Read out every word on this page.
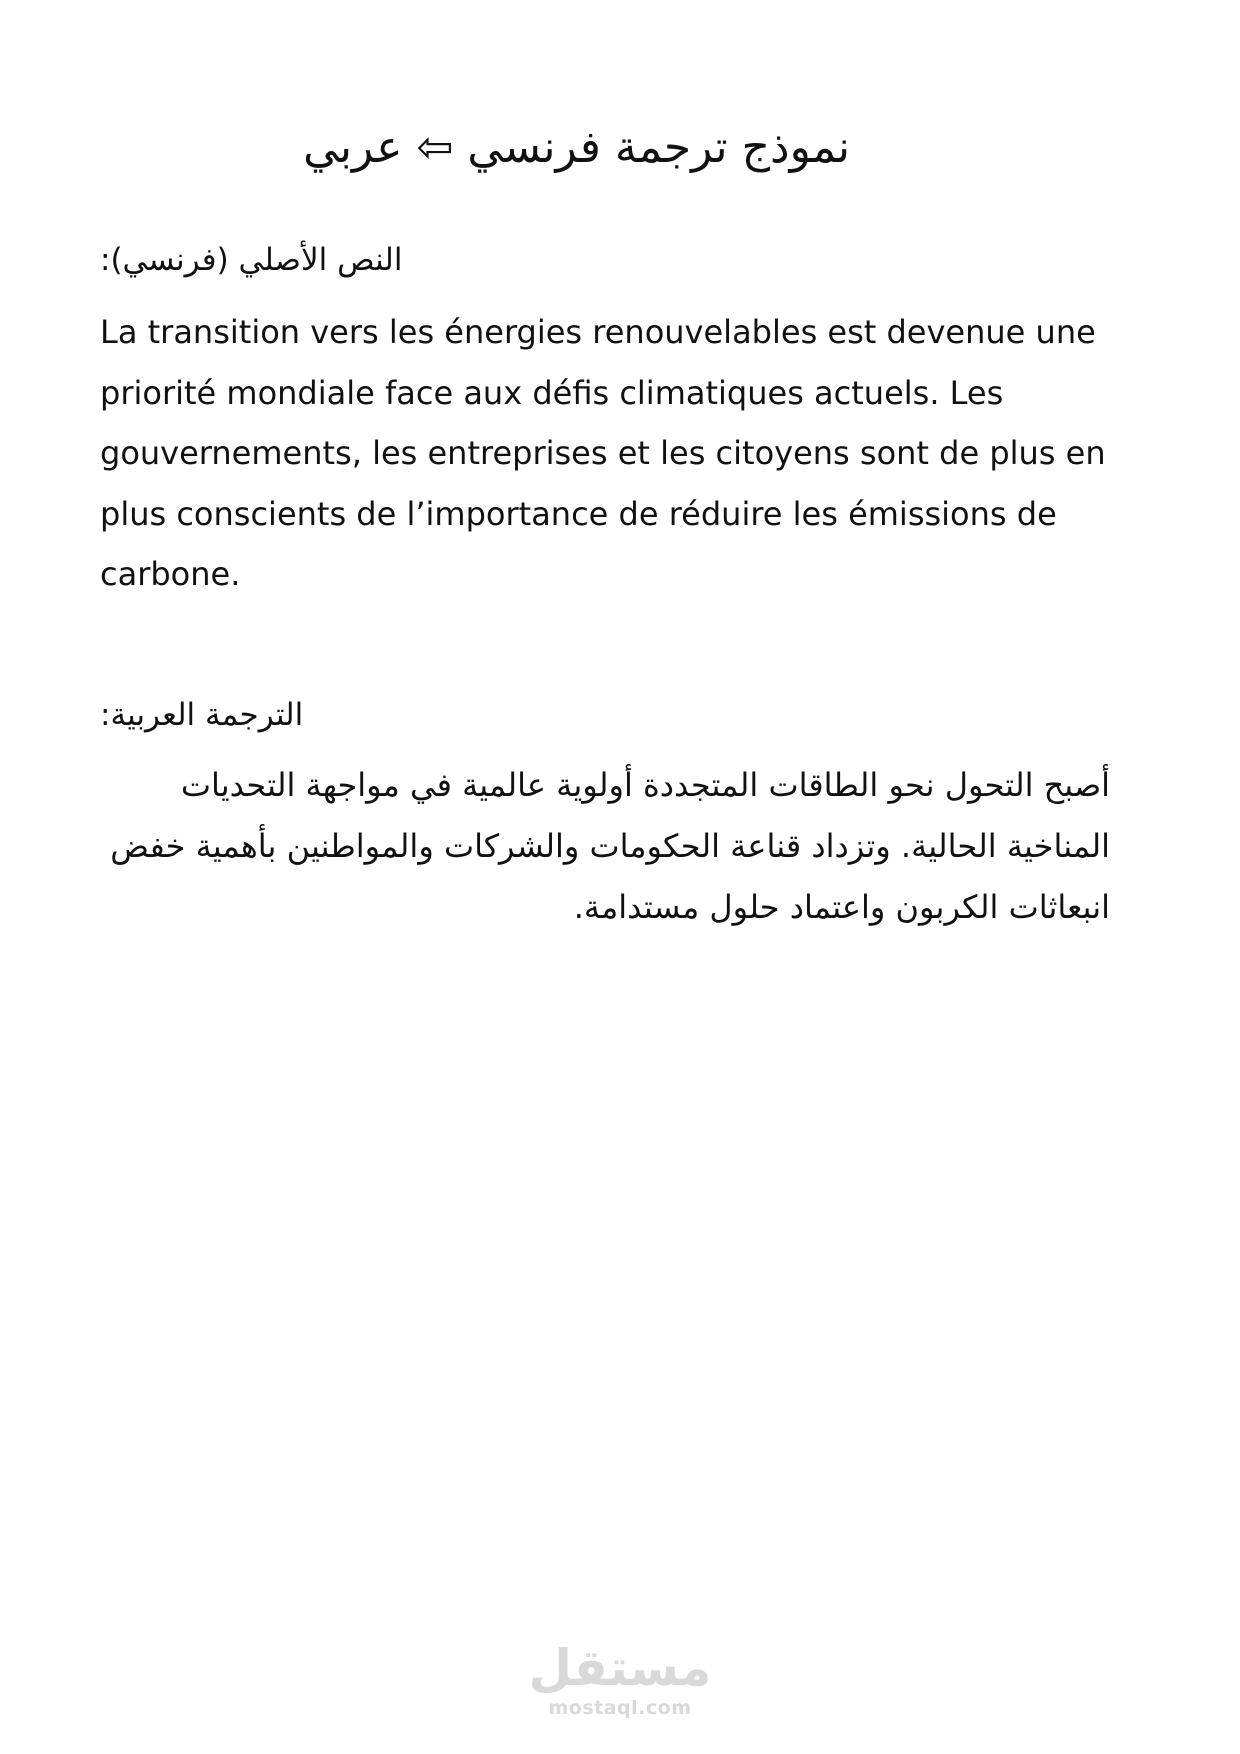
نموذج ترجمة فرنسي ⇦ عربي
النص الأصلي (فرنسي):

La transition vers les énergies renouvelables est devenue une priorité mondiale face aux défis climatiques actuels. Les gouvernements, les entreprises et les citoyens sont de plus en plus conscients de l’importance de réduire les émissions de carbone.

الترجمة العربية:

أصبح التحول نحو الطاقات المتجددة أولوية عالمية في مواجهة التحديات المناخية الحالية. وتزداد قناعة الحكومات والشركات والمواطنين بأهمية خفض انبعاثات الكربون واعتماد حلول مستدامة.

مستقل
mostaql.com
